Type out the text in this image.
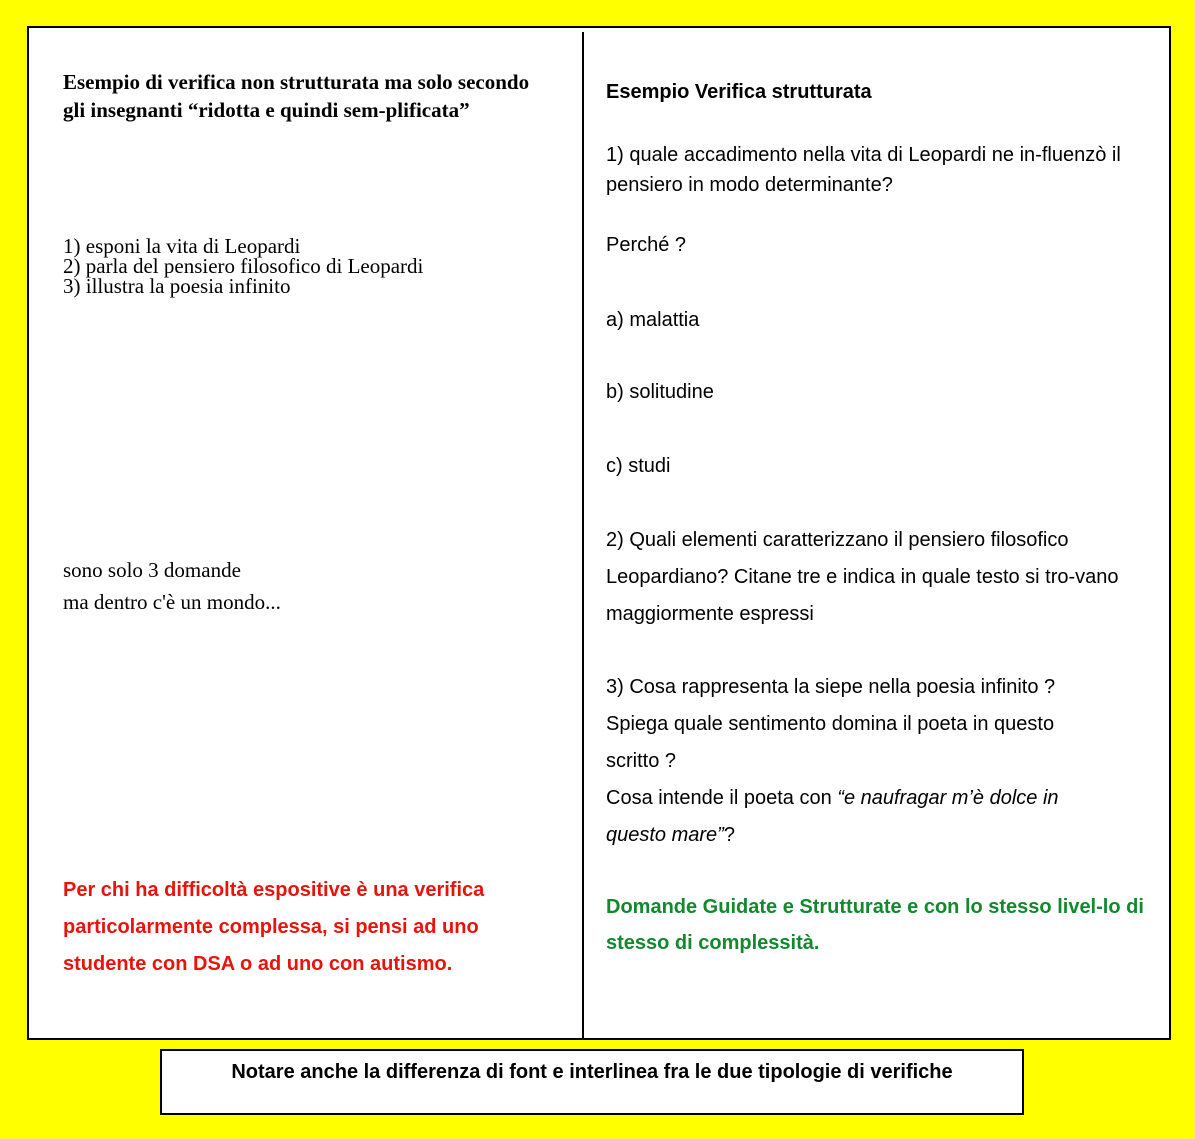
Esempio di verifica non strutturata ma solo secondo gli insegnanti “ridotta e quindi sem-plificata”

1) esponi la vita di Leopardi
2) parla del pensiero filosofico di Leopardi
3) illustra la poesia infinito
sono solo 3 domande
ma dentro c'è un mondo...

Per chi ha difficoltà espositive è una verifica particolarmente complessa, si pensi ad uno studente con DSA o ad uno con autismo.

Esempio Verifica strutturata

1) quale accadimento nella vita di Leopardi ne in-fluenzò il pensiero in modo determinante?

Perché ?

a) malattia

b) solitudine

c) studi

2) Quali elementi caratterizzano il pensiero filosofico Leopardiano? Citane tre e indica in quale testo si tro-vano maggiormente espressi

3) Cosa rappresenta la siepe nella poesia infinito ?
Spiega quale sentimento domina il poeta in questo
scritto ?
Cosa intende il poeta con “e naufragar m’è dolce in
questo mare”?

Domande Guidate e Strutturate e con lo stesso livel-lo di stesso di complessità.

Notare anche la differenza di font e interlinea fra le due tipologie di verifiche
